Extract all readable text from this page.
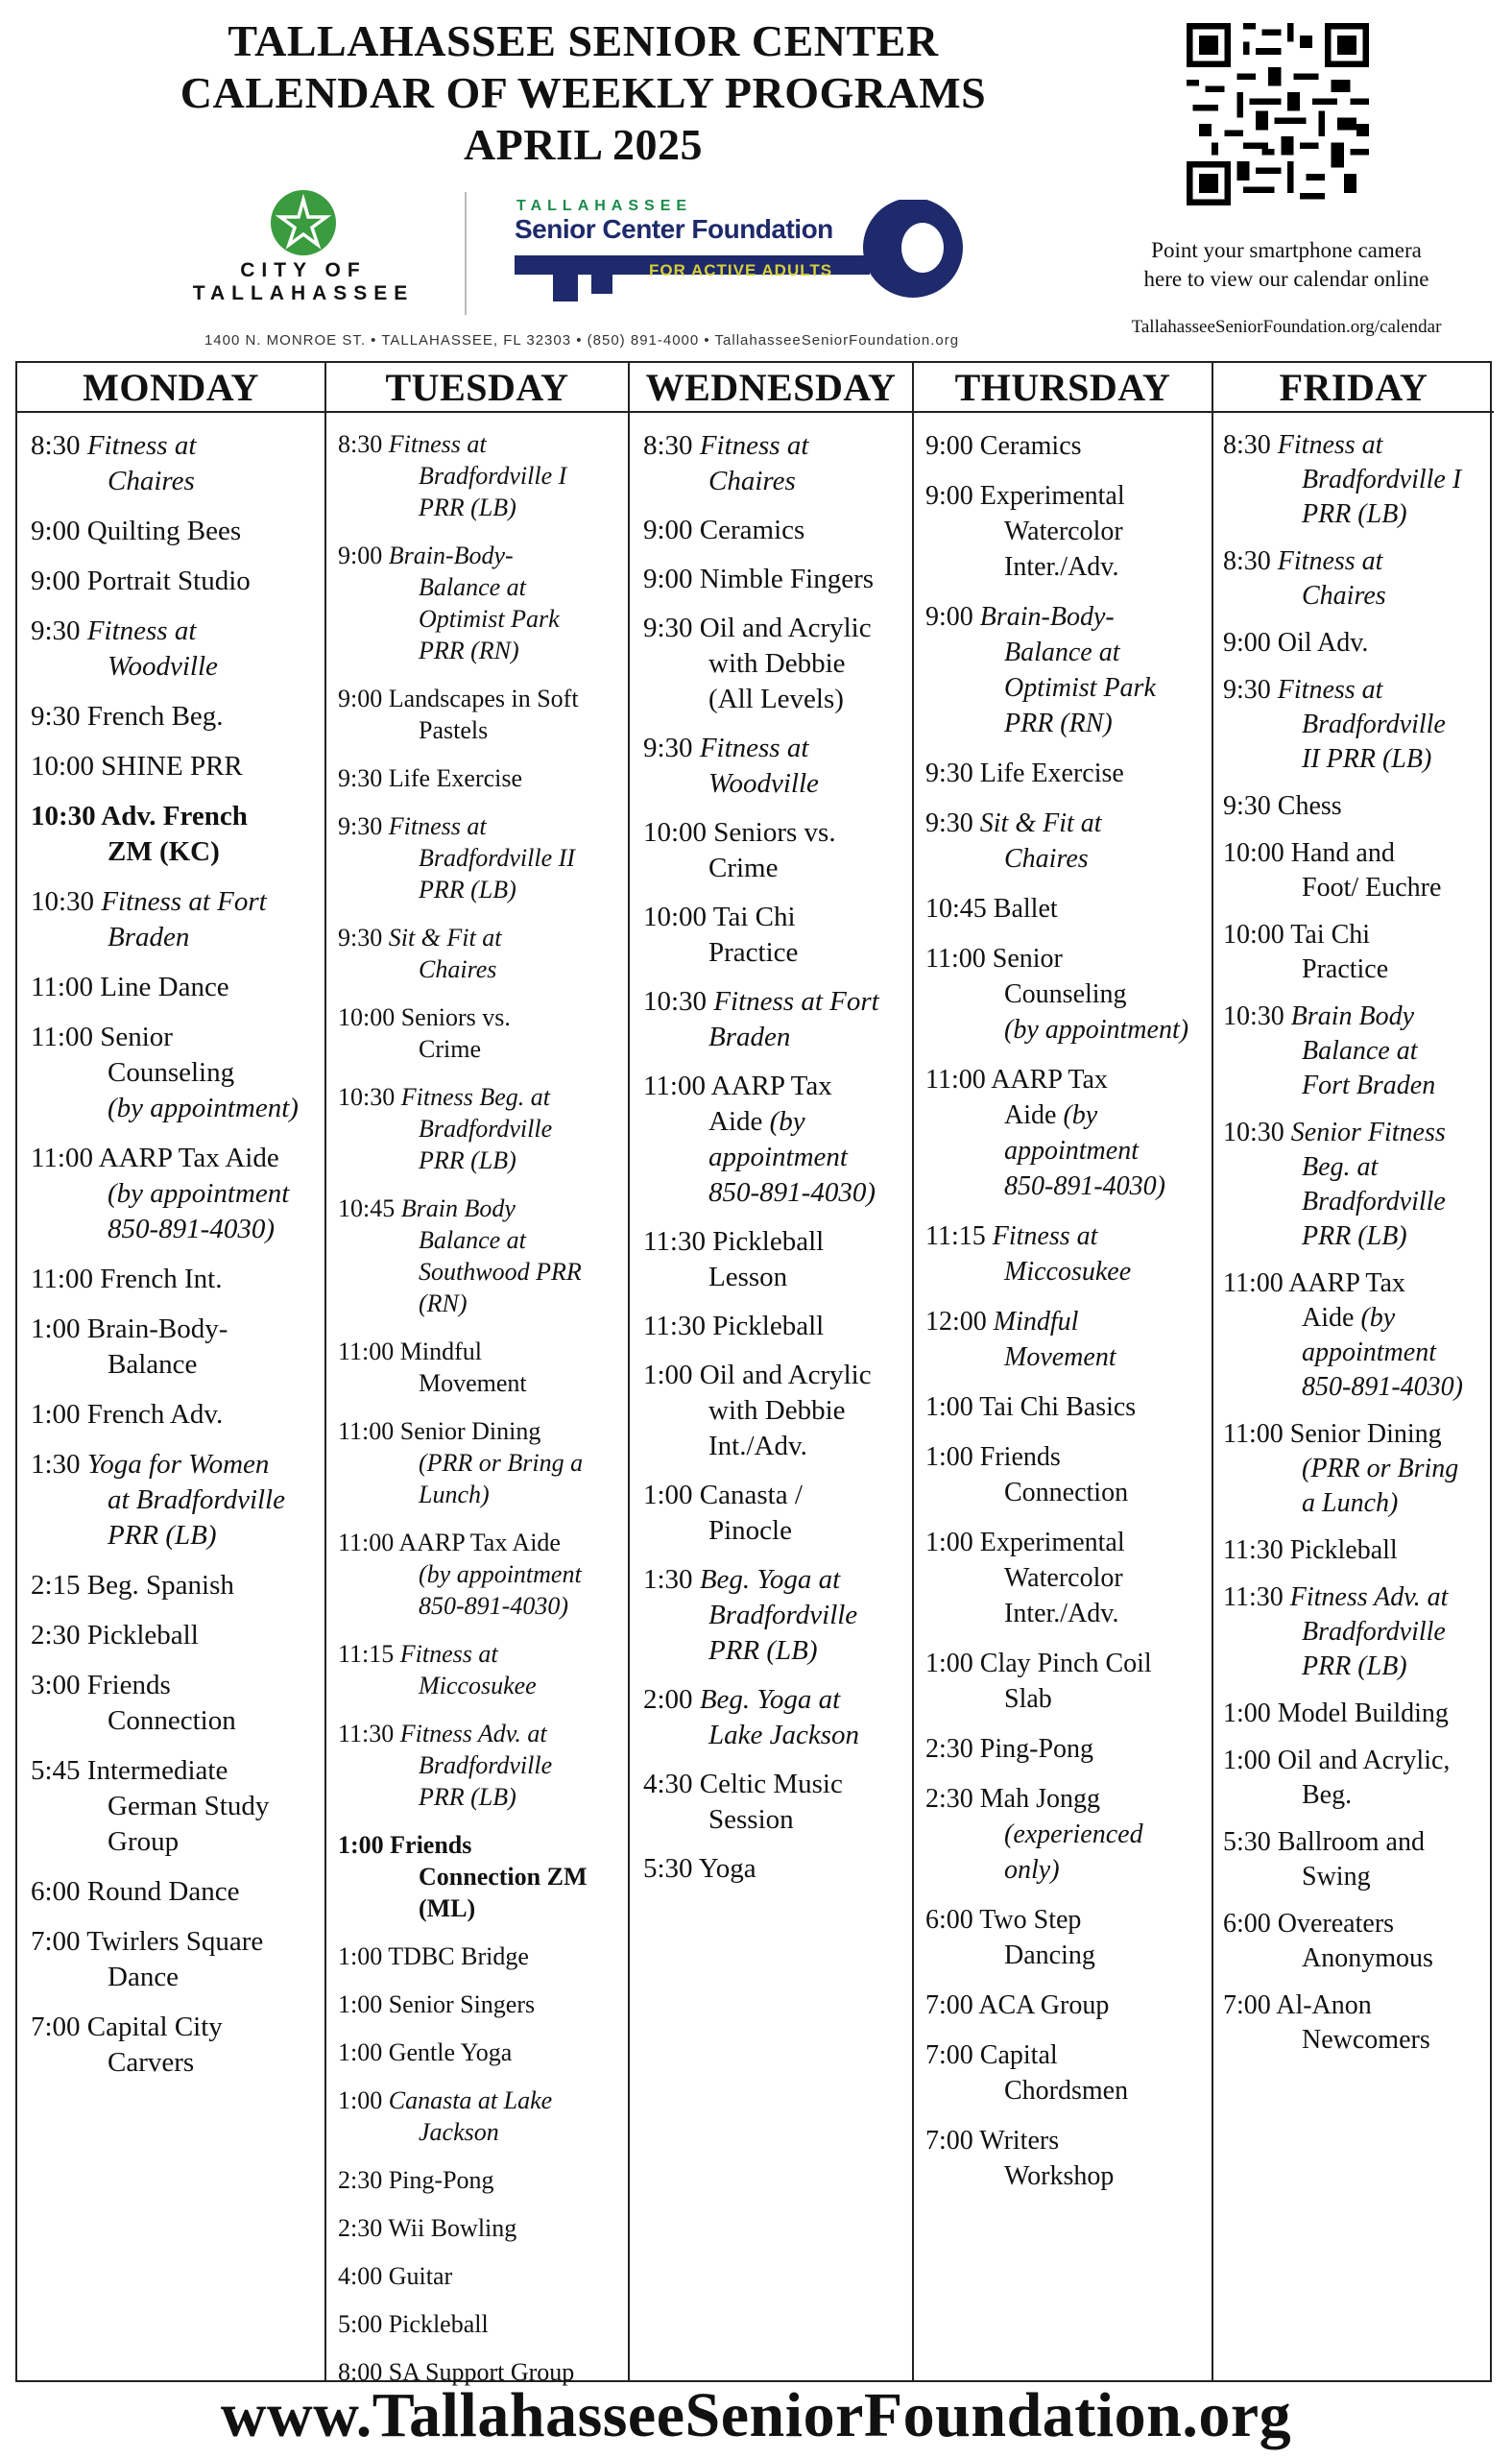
TALLAHASSEE SENIOR CENTER
CALENDAR OF WEEKLY PROGRAMS
APRIL 2025
CITY OF
TALLAHASSEE
TALLAHASSEE
Senior Center Foundation
FOR ACTIVE ADULTS
1400 N. MONROE ST. • TALLAHASSEE, FL 32303 • (850) 891-4000 • TallahasseeSeniorFoundation.org
Point your smartphone camera
here to view our calendar online
TallahasseeSeniorFoundation.org/calendar
MONDAY
8:30 Fitness at
Chaires
9:00 Quilting Bees
9:00 Portrait Studio
9:30 Fitness at
Woodville
9:30 French Beg.
10:00 SHINE PRR
10:30 Adv. French
ZM (KC)
10:30 Fitness at Fort
Braden
11:00 Line Dance
11:00 Senior
Counseling
(by appointment)
11:00 AARP Tax Aide
(by appointment
850-891-4030)
11:00 French Int.
1:00 Brain-Body-
Balance
1:00 French Adv.
1:30 Yoga for Women
at Bradfordville
PRR (LB)
2:15 Beg. Spanish
2:30 Pickleball
3:00 Friends
Connection
5:45 Intermediate
German Study
Group
6:00 Round Dance
7:00 Twirlers Square
Dance
7:00 Capital City
Carvers
TUESDAY
8:30 Fitness at
Bradfordville I
PRR (LB)
9:00 Brain-Body-
Balance at
Optimist Park
PRR (RN)
9:00 Landscapes in Soft
Pastels
9:30 Life Exercise
9:30 Fitness at
Bradfordville II
PRR (LB)
9:30 Sit & Fit at
Chaires
10:00 Seniors vs.
Crime
10:30 Fitness Beg. at
Bradfordville
PRR (LB)
10:45 Brain Body
Balance at
Southwood PRR
(RN)
11:00 Mindful
Movement
11:00 Senior Dining
(PRR or Bring a
Lunch)
11:00 AARP Tax Aide
(by appointment
850-891-4030)
11:15 Fitness at
Miccosukee
11:30 Fitness Adv. at
Bradfordville
PRR (LB)
1:00 Friends
Connection ZM
(ML)
1:00 TDBC Bridge
1:00 Senior Singers
1:00 Gentle Yoga
1:00 Canasta at Lake
Jackson
2:30 Ping-Pong
2:30 Wii Bowling
4:00 Guitar
5:00 Pickleball
8:00 SA Support Group
WEDNESDAY
8:30 Fitness at
Chaires
9:00 Ceramics
9:00 Nimble Fingers
9:30 Oil and Acrylic
with Debbie
(All Levels)
9:30 Fitness at
Woodville
10:00 Seniors vs.
Crime
10:00 Tai Chi
Practice
10:30 Fitness at Fort
Braden
11:00 AARP Tax
Aide (by
appointment
850-891-4030)
11:30 Pickleball
Lesson
11:30 Pickleball
1:00 Oil and Acrylic
with Debbie
Int./Adv.
1:00 Canasta /
Pinocle
1:30 Beg. Yoga at
Bradfordville
PRR (LB)
2:00 Beg. Yoga at
Lake Jackson
4:30 Celtic Music
Session
5:30 Yoga
THURSDAY
9:00 Ceramics
9:00 Experimental
Watercolor
Inter./Adv.
9:00 Brain-Body-
Balance at
Optimist Park
PRR (RN)
9:30 Life Exercise
9:30 Sit & Fit at
Chaires
10:45 Ballet
11:00 Senior
Counseling
(by appointment)
11:00 AARP Tax
Aide (by
appointment
850-891-4030)
11:15 Fitness at
Miccosukee
12:00 Mindful
Movement
1:00 Tai Chi Basics
1:00 Friends
Connection
1:00 Experimental
Watercolor
Inter./Adv.
1:00 Clay Pinch Coil
Slab
2:30 Ping-Pong
2:30 Mah Jongg
(experienced
only)
6:00 Two Step
Dancing
7:00 ACA Group
7:00 Capital
Chordsmen
7:00 Writers
Workshop
FRIDAY
8:30 Fitness at
Bradfordville I
PRR (LB)
8:30 Fitness at
Chaires
9:00 Oil Adv.
9:30 Fitness at
Bradfordville
II PRR (LB)
9:30 Chess
10:00 Hand and
Foot/ Euchre
10:00 Tai Chi
Practice
10:30 Brain Body
Balance at
Fort Braden
10:30 Senior Fitness
Beg. at
Bradfordville
PRR (LB)
11:00 AARP Tax
Aide (by
appointment
850-891-4030)
11:00 Senior Dining
(PRR or Bring
a Lunch)
11:30 Pickleball
11:30 Fitness Adv. at
Bradfordville
PRR (LB)
1:00 Model Building
1:00 Oil and Acrylic,
Beg.
5:30 Ballroom and
Swing
6:00 Overeaters
Anonymous
7:00 Al-Anon
Newcomers
www.TallahasseeSeniorFoundation.org
